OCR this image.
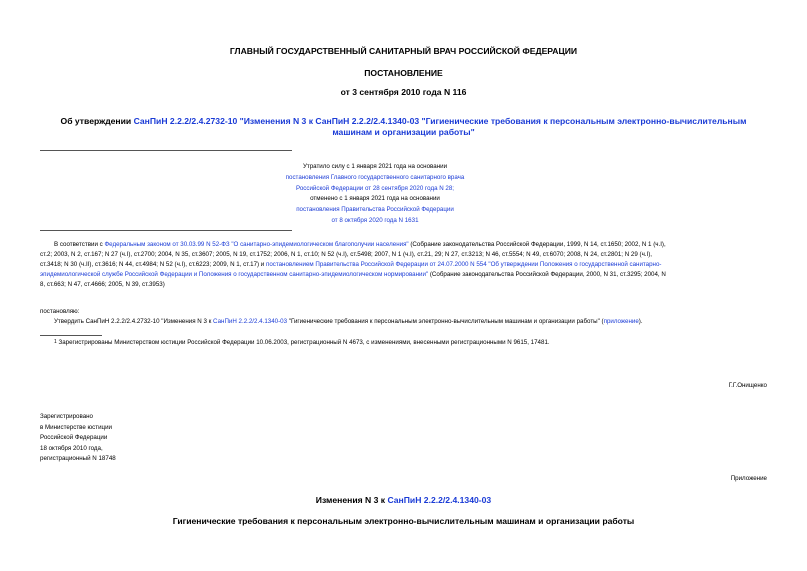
ГЛАВНЫЙ ГОСУДАРСТВЕННЫЙ САНИТАРНЫЙ ВРАЧ РОССИЙСКОЙ ФЕДЕРАЦИИ
ПОСТАНОВЛЕНИЕ
от 3 сентября 2010 года N 116
Об утверждении СанПиН 2.2.2/2.4.2732-10 "Изменения N 3 к СанПиН 2.2.2/2.4.1340-03 "Гигиенические требования к персональным электронно-вычислительным
машинам и организации работы"
Утратило силу с 1 января 2021 года на основании
постановления Главного государственного санитарного врача
Российской Федерации от 28 сентября 2020 года N 28;
отменено с 1 января 2021 года на основании
постановления Правительства Российской Федерации
от 8 октября 2020 года N 1631
В соответствии с Федеральным законом от 30.03.99 N 52-ФЗ "О санитарно-эпидемиологическом благополучии населения" (Собрание законодательства Российской Федерации, 1999, N 14, ст.1650; 2002, N 1 (ч.I),
ст.2; 2003, N 2, ст.167; N 27 (ч.I), ст.2700; 2004, N 35, ст.3607; 2005, N 19, ст.1752; 2006, N 1, ст.10; N 52 (ч.I), ст.5498; 2007, N 1 (ч.I), ст.21, 29; N 27, ст.3213; N 46, ст.5554; N 49, ст.6070; 2008, N 24, ст.2801; N 29 (ч.I),
ст.3418; N 30 (ч.II), ст.3616; N 44, ст.4984; N 52 (ч.I), ст.6223; 2009, N 1, ст.17) и постановлением Правительства Российской Федерации от 24.07.2000 N 554 "Об утверждении Положения о государственной санитарно-
эпидемиологической службе Российской Федерации и Положения о государственном санитарно-эпидемиологическом нормировании" (Собрание законодательства Российской Федерации, 2000, N 31, ст.3295; 2004, N
8, ст.663; N 47, ст.4666; 2005, N 39, ст.3953)
постановляю:
Утвердить СанПиН 2.2.2/2.4.2732-10 "Изменения N 3 к СанПиН 2.2.2/2.4.1340-03 "Гигиенические требования к персональным электронно-вычислительным машинам и организации работы" (приложение).
$^1$ Зарегистрированы Министерством юстиции Российской Федерации 10.06.2003, регистрационный N 4673, с изменениями, внесенными регистрационными N 9615, 17481.
Г.Г.Онищенко
Зарегистрировано
в Министерстве юстиции
Российской Федерации
18 октября 2010 года,
регистрационный N 18748
Приложение
Изменения N 3 к СанПиН 2.2.2/2.4.1340-03
Гигиенические требования к персональным электронно-вычислительным машинам и организации работы
